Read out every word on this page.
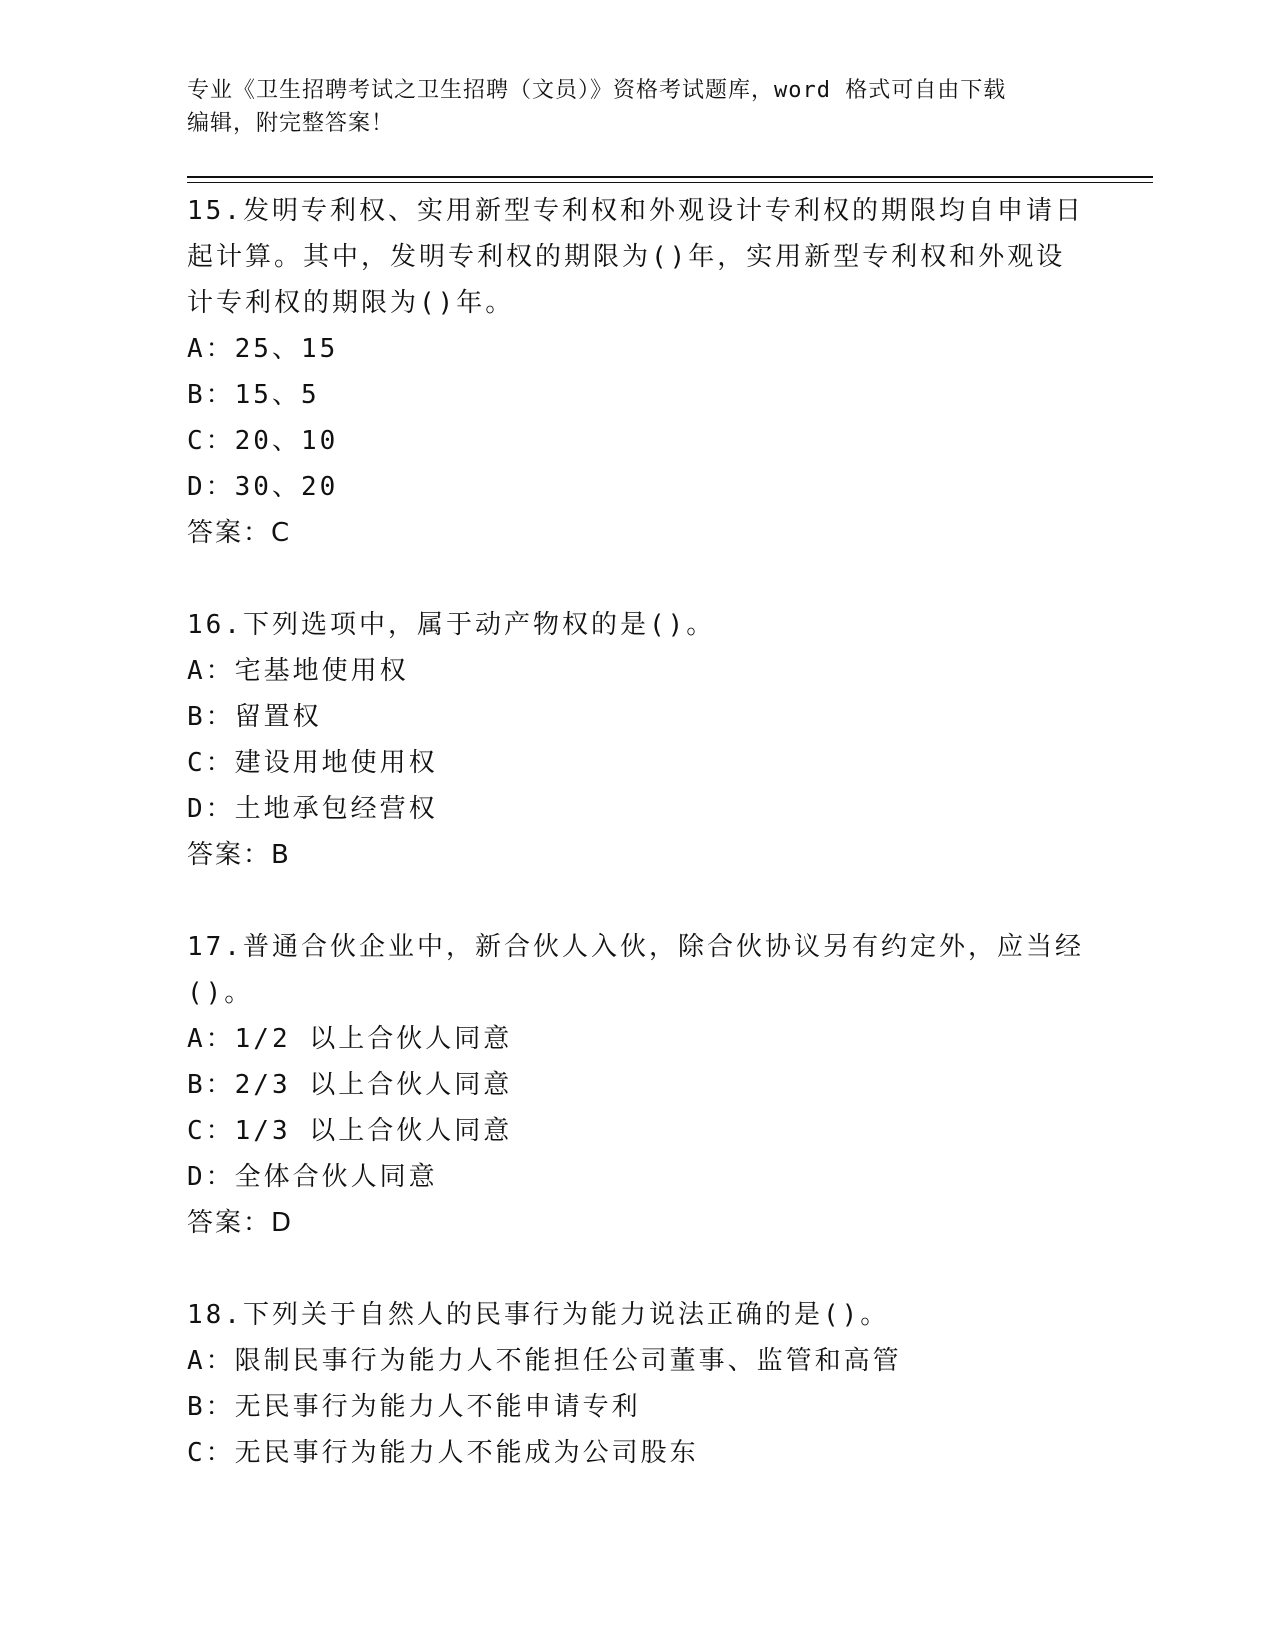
专业《卫生招聘考试之卫生招聘（文员）》资格考试题库，word 格式可自由下载
编辑，附完整答案！

15.发明专利权、实用新型专利权和外观设计专利权的期限均自申请日起计算。其中，发明专利权的期限为()年，实用新型专利权和外观设计专利权的期限为()年。

A：25、15

B：15、5

C：20、10

D：30、20

答案：C

16.下列选项中，属于动产物权的是()。

A：宅基地使用权

B：留置权

C：建设用地使用权

D：土地承包经营权

答案：B

17.普通合伙企业中，新合伙人入伙，除合伙协议另有约定外，应当经()。

A：1/2 以上合伙人同意

B：2/3 以上合伙人同意

C：1/3 以上合伙人同意

D：全体合伙人同意

答案：D

18.下列关于自然人的民事行为能力说法正确的是()。

A：限制民事行为能力人不能担任公司董事、监管和高管

B：无民事行为能力人不能申请专利

C：无民事行为能力人不能成为公司股东
